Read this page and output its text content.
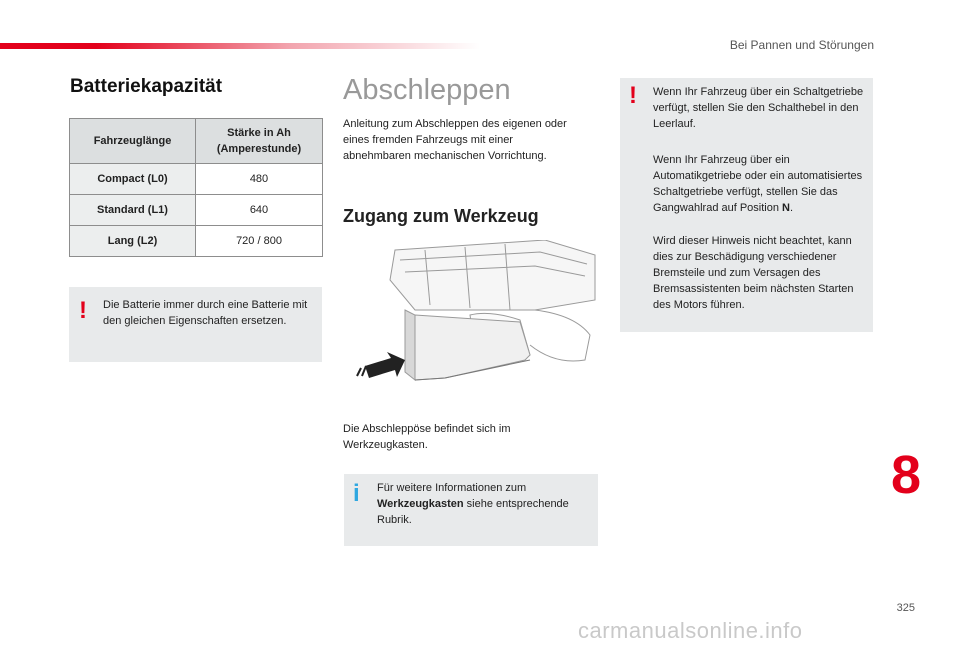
Bei Pannen und Störungen
Batteriekapazität
Fahrzeuglänge	Stärke in Ah
(Amperestunde)
Compact (L0)	480
Standard (L1)	640
Lang (L2)	720 / 800
! Die Batterie immer durch eine Batterie mit den gleichen Eigenschaften ersetzen.
Abschleppen
Anleitung zum Abschleppen des eigenen oder eines fremden Fahrzeugs mit einer abnehmbaren mechanischen Vorrichtung.
Zugang zum Werkzeug
Die Abschleppöse befindet sich im Werkzeugkasten.
i Für weitere Informationen zum
Werkzeugkasten siehe entsprechende Rubrik.
! Wenn Ihr Fahrzeug über ein Schaltgetriebe verfügt, stellen Sie den Schalthebel in den Leerlauf.
Wenn Ihr Fahrzeug über ein Automatikgetriebe oder ein automatisiertes Schaltgetriebe verfügt, stellen Sie das Gangwahlrad auf Position N.
Wird dieser Hinweis nicht beachtet, kann dies zur Beschädigung verschiedener Bremsteile und zum Versagen des Bremsassistenten beim nächsten Starten des Motors führen.
8
325
carmanualsonline.info
